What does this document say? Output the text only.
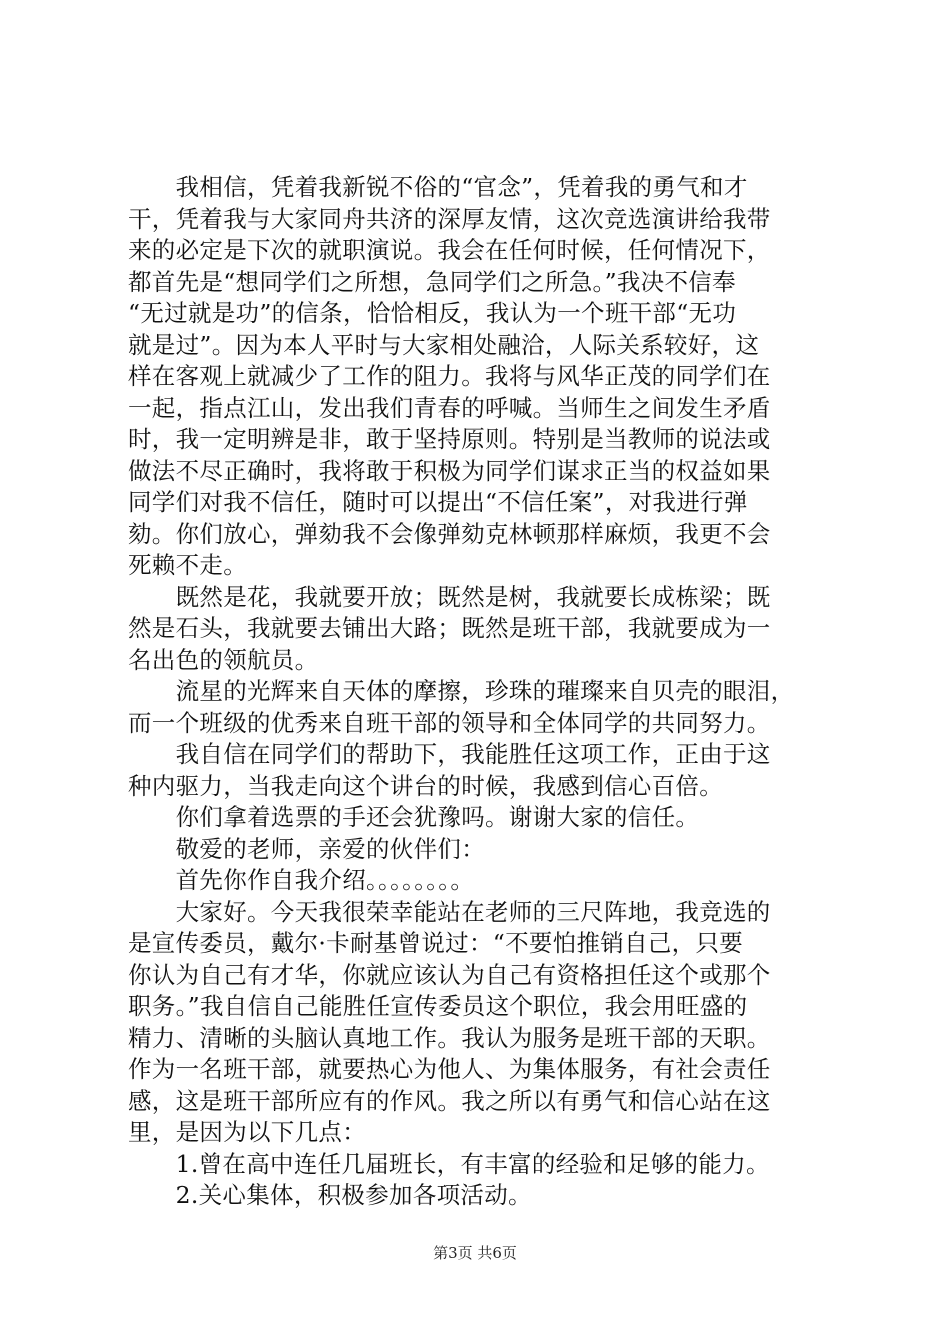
　　我相信，凭着我新锐不俗的“官念”，凭着我的勇气和才
干，凭着我与大家同舟共济的深厚友情，这次竞选演讲给我带
来的必定是下次的就职演说。我会在任何时候，任何情况下，
都首先是“想同学们之所想，急同学们之所急。”我决不信奉
“无过就是功”的信条，恰恰相反，我认为一个班干部“无功
就是过”。因为本人平时与大家相处融洽，人际关系较好，这
样在客观上就减少了工作的阻力。我将与风华正茂的同学们在
一起，指点江山，发出我们青春的呼喊。当师生之间发生矛盾
时，我一定明辨是非，敢于坚持原则。特别是当教师的说法或
做法不尽正确时，我将敢于积极为同学们谋求正当的权益如果
同学们对我不信任，随时可以提出“不信任案”，对我进行弹
劾。你们放心，弹劾我不会像弹劾克林顿那样麻烦，我更不会
死赖不走。
　　既然是花，我就要开放；既然是树，我就要长成栋梁；既
然是石头，我就要去铺出大路；既然是班干部，我就要成为一
名出色的领航员。
　　流星的光辉来自天体的摩擦，珍珠的璀璨来自贝壳的眼泪，
而一个班级的优秀来自班干部的领导和全体同学的共同努力。
　　我自信在同学们的帮助下，我能胜任这项工作，正由于这
种内驱力，当我走向这个讲台的时候，我感到信心百倍。
　　你们拿着选票的手还会犹豫吗。谢谢大家的信任。
　　敬爱的老师，亲爱的伙伴们：
　　首先你作自我介绍。。。。。。。。
　　大家好。今天我很荣幸能站在老师的三尺阵地，我竞选的
是宣传委员，戴尔·卡耐基曾说过：“不要怕推销自己，只要
你认为自己有才华，你就应该认为自己有资格担任这个或那个
职务。”我自信自己能胜任宣传委员这个职位，我会用旺盛的
精力、清晰的头脑认真地工作。我认为服务是班干部的天职。
作为一名班干部，就要热心为他人、为集体服务，有社会责任
感，这是班干部所应有的作风。我之所以有勇气和信心站在这
里，是因为以下几点：
　　1.曾在高中连任几届班长，有丰富的经验和足够的能力。
　　2.关心集体，积极参加各项活动。
第3页 共6页
